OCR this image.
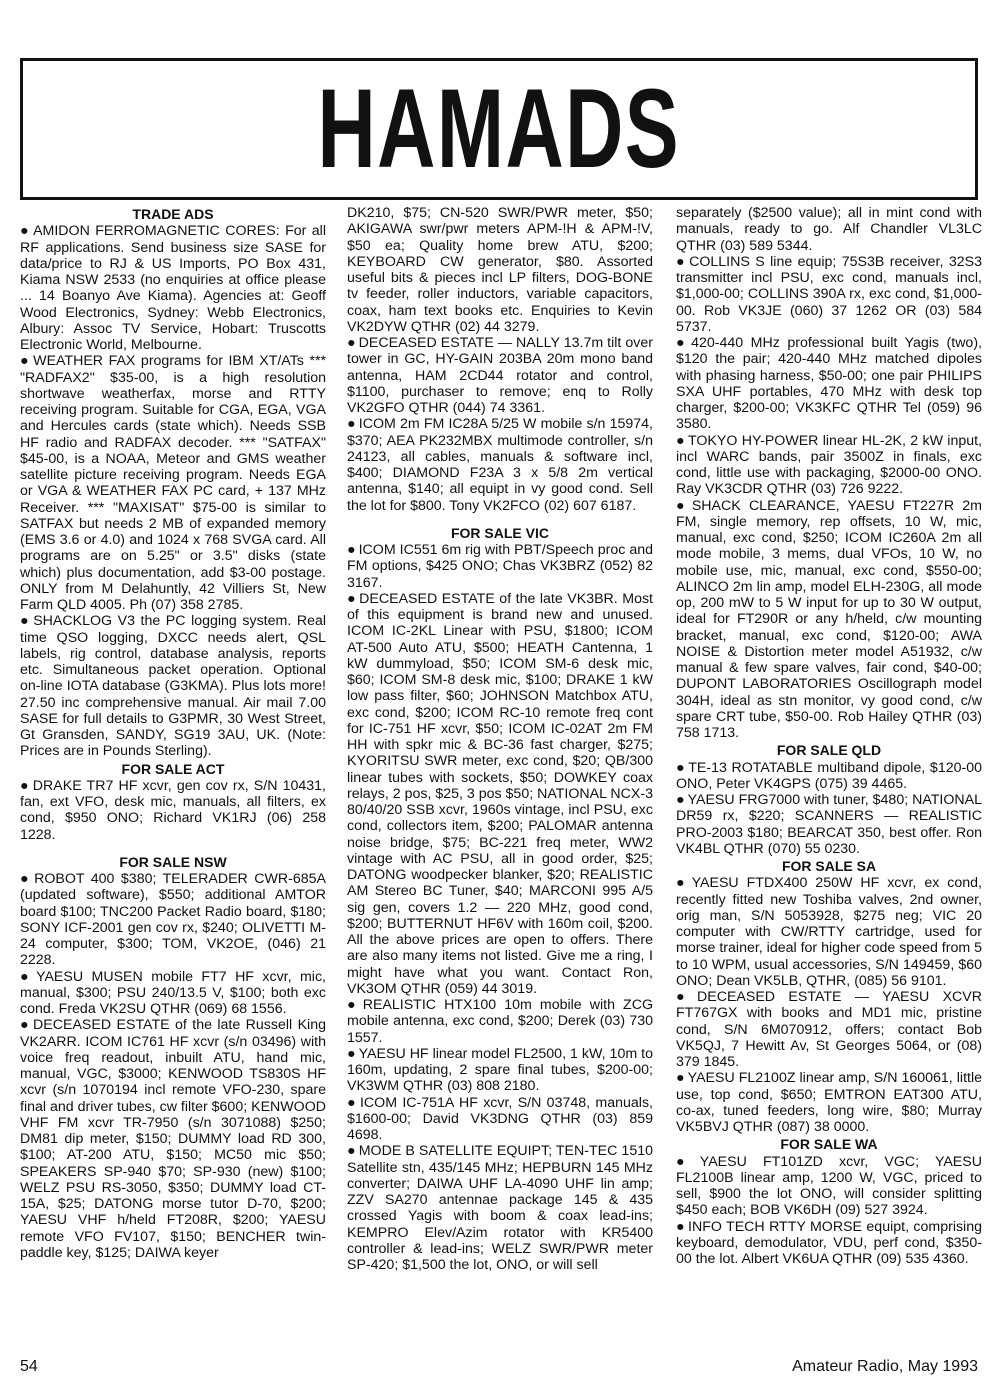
HAMADS
TRADE ADS

● AMIDON FERROMAGNETIC CORES: For all RF applications. Send business size SASE for data/price to RJ & US Imports, PO Box 431, Kiama NSW 2533 (no enquiries at office please ... 14 Boanyo Ave Kiama). Agencies at: Geoff Wood Electronics, Sydney: Webb Electronics, Albury: Assoc TV Service, Hobart: Truscotts Electronic World, Melbourne.

● WEATHER FAX programs for IBM XT/ATs *** "RADFAX2" $35-00, is a high resolution shortwave weatherfax, morse and RTTY receiving program. Suitable for CGA, EGA, VGA and Hercules cards (state which). Needs SSB HF radio and RADFAX decoder. *** "SATFAX" $45-00, is a NOAA, Meteor and GMS weather satellite picture receiving program. Needs EGA or VGA & WEATHER FAX PC card, + 137 MHz Receiver. *** "MAXISAT" $75-00 is similar to SATFAX but needs 2 MB of expanded memory (EMS 3.6 or 4.0) and 1024 x 768 SVGA card. All programs are on 5.25" or 3.5" disks (state which) plus documentation, add $3-00 postage. ONLY from M Delahuntly, 42 Villiers St, New Farm QLD 4005. Ph (07) 358 2785.

● SHACKLOG V3 the PC logging system. Real time QSO logging, DXCC needs alert, QSL labels, rig control, database analysis, reports etc. Simultaneous packet operation. Optional on-line IOTA database (G3KMA). Plus lots more! 27.50 inc comprehensive manual. Air mail 7.00 SASE for full details to G3PMR, 30 West Street, Gt Gransden, SANDY, SG19 3AU, UK. (Note: Prices are in Pounds Sterling).

FOR SALE ACT

● DRAKE TR7 HF xcvr, gen cov rx, S/N 10431, fan, ext VFO, desk mic, manuals, all filters, ex cond, $950 ONO; Richard VK1RJ (06) 258 1228.

FOR SALE NSW

● ROBOT 400 $380; TELERADER CWR-685A (updated software), $550; additional AMTOR board $100; TNC200 Packet Radio board, $180; SONY ICF-2001 gen cov rx, $240; OLIVETTI M-24 computer, $300; TOM, VK2OE, (046) 21 2228.

● YAESU MUSEN mobile FT7 HF xcvr, mic, manual, $300; PSU 240/13.5 V, $100; both exc cond. Freda VK2SU QTHR (069) 68 1556.

● DECEASED ESTATE of the late Russell King VK2ARR. ICOM IC761 HF xcvr (s/n 03496) with voice freq readout, inbuilt ATU, hand mic, manual, VGC, $3000; KENWOOD TS830S HF xcvr (s/n 1070194 incl remote VFO-230, spare final and driver tubes, cw filter $600; KENWOOD VHF FM xcvr TR-7950 (s/n 3071088) $250; DM81 dip meter, $150; DUMMY load RD 300, $100; AT-200 ATU, $150; MC50 mic $50; SPEAKERS SP-940 $70; SP-930 (new) $100; WELZ PSU RS-3050, $350; DUMMY load CT-15A, $25; DATONG morse tutor D-70, $200; YAESU VHF h/held FT208R, $200; YAESU remote VFO FV107, $150; BENCHER twin-paddle key, $125; DAIWA keyer

DK210, $75; CN-520 SWR/PWR meter, $50; AKIGAWA swr/pwr meters APM-!H & APM-!V, $50 ea; Quality home brew ATU, $200; KEYBOARD CW generator, $80. Assorted useful bits & pieces incl LP filters, DOG-BONE tv feeder, roller inductors, variable capacitors, coax, ham text books etc. Enquiries to Kevin VK2DYW QTHR (02) 44 3279.

● DECEASED ESTATE — NALLY 13.7m tilt over tower in GC, HY-GAIN 203BA 20m mono band antenna, HAM 2CD44 rotator and control, $1100, purchaser to remove; enq to Rolly VK2GFO QTHR (044) 74 3361.

● ICOM 2m FM IC28A 5/25 W mobile s/n 15974, $370; AEA PK232MBX multimode controller, s/n 24123, all cables, manuals & software incl, $400; DIAMOND F23A 3 x 5/8 2m vertical antenna, $140; all equipt in vy good cond. Sell the lot for $800. Tony VK2FCO (02) 607 6187.

FOR SALE VIC

● ICOM IC551 6m rig with PBT/Speech proc and FM options, $425 ONO; Chas VK3BRZ (052) 82 3167.

● DECEASED ESTATE of the late VK3BR. Most of this equipment is brand new and unused. ICOM IC-2KL Linear with PSU, $1800; ICOM AT-500 Auto ATU, $500; HEATH Cantenna, 1 kW dummyload, $50; ICOM SM-6 desk mic, $60; ICOM SM-8 desk mic, $100; DRAKE 1 kW low pass filter, $60; JOHNSON Matchbox ATU, exc cond, $200; ICOM RC-10 remote freq cont for IC-751 HF xcvr, $50; ICOM IC-02AT 2m FM HH with spkr mic & BC-36 fast charger, $275; KYORITSU SWR meter, exc cond, $20; QB/300 linear tubes with sockets, $50; DOWKEY coax relays, 2 pos, $25, 3 pos $50; NATIONAL NCX-3 80/40/20 SSB xcvr, 1960s vintage, incl PSU, exc cond, collectors item, $200; PALOMAR antenna noise bridge, $75; BC-221 freq meter, WW2 vintage with AC PSU, all in good order, $25; DATONG woodpecker blanker, $20; REALISTIC AM Stereo BC Tuner, $40; MARCONI 995 A/5 sig gen, covers 1.2 — 220 MHz, good cond, $200; BUTTERNUT HF6V with 160m coil, $200. All the above prices are open to offers. There are also many items not listed. Give me a ring, I might have what you want. Contact Ron, VK3OM QTHR (059) 44 3019.

● REALISTIC HTX100 10m mobile with ZCG mobile antenna, exc cond, $200; Derek (03) 730 1557.

● YAESU HF linear model FL2500, 1 kW, 10m to 160m, updating, 2 spare final tubes, $200-00; VK3WM QTHR (03) 808 2180.

● ICOM IC-751A HF xcvr, S/N 03748, manuals, $1600-00; David VK3DNG QTHR (03) 859 4698.

● MODE B SATELLITE EQUIPT; TEN-TEC 1510 Satellite stn, 435/145 MHz; HEPBURN 145 MHz converter; DAIWA UHF LA-4090 UHF lin amp; ZZV SA270 antennae package 145 & 435 crossed Yagis with boom & coax lead-ins; KEMPRO Elev/Azim rotator with KR5400 controller & lead-ins; WELZ SWR/PWR meter SP-420; $1,500 the lot, ONO, or will sell

separately ($2500 value); all in mint cond with manuals, ready to go. Alf Chandler VL3LC QTHR (03) 589 5344.

● COLLINS S line equip; 75S3B receiver, 32S3 transmitter incl PSU, exc cond, manuals incl, $1,000-00; COLLINS 390A rx, exc cond, $1,000-00. Rob VK3JE (060) 37 1262 OR (03) 584 5737.

● 420-440 MHz professional built Yagis (two), $120 the pair; 420-440 MHz matched dipoles with phasing harness, $50-00; one pair PHILIPS SXA UHF portables, 470 MHz with desk top charger, $200-00; VK3KFC QTHR Tel (059) 96 3580.

● TOKYO HY-POWER linear HL-2K, 2 kW input, incl WARC bands, pair 3500Z in finals, exc cond, little use with packaging, $2000-00 ONO. Ray VK3CDR QTHR (03) 726 9222.

● SHACK CLEARANCE, YAESU FT227R 2m FM, single memory, rep offsets, 10 W, mic, manual, exc cond, $250; ICOM IC260A 2m all mode mobile, 3 mems, dual VFOs, 10 W, no mobile use, mic, manual, exc cond, $550-00; ALINCO 2m lin amp, model ELH-230G, all mode op, 200 mW to 5 W input for up to 30 W output, ideal for FT290R or any h/held, c/w mounting bracket, manual, exc cond, $120-00; AWA NOISE & Distortion meter model A51932, c/w manual & few spare valves, fair cond, $40-00; DUPONT LABORATORIES Oscillograph model 304H, ideal as stn monitor, vy good cond, c/w spare CRT tube, $50-00. Rob Hailey QTHR (03) 758 1713.

FOR SALE QLD

● TE-13 ROTATABLE multiband dipole, $120-00 ONO, Peter VK4GPS (075) 39 4465.

● YAESU FRG7000 with tuner, $480; NATIONAL DR59 rx, $220; SCANNERS — REALISTIC PRO-2003 $180; BEARCAT 350, best offer. Ron VK4BL QTHR (070) 55 0230.

FOR SALE SA

● YAESU FTDX400 250W HF xcvr, ex cond, recently fitted new Toshiba valves, 2nd owner, orig man, S/N 5053928, $275 neg; VIC 20 computer with CW/RTTY cartridge, used for morse trainer, ideal for higher code speed from 5 to 10 WPM, usual accessories, S/N 149459, $60 ONO; Dean VK5LB, QTHR, (085) 56 9101.

● DECEASED ESTATE — YAESU XCVR FT767GX with books and MD1 mic, pristine cond, S/N 6M070912, offers; contact Bob VK5QJ, 7 Hewitt Av, St Georges 5064, or (08) 379 1845.

● YAESU FL2100Z linear amp, S/N 160061, little use, top cond, $650; EMTRON EAT300 ATU, co-ax, tuned feeders, long wire, $80; Murray VK5BVJ QTHR (087) 38 0000.

FOR SALE WA

● YAESU FT101ZD xcvr, VGC; YAESU FL2100B linear amp, 1200 W, VGC, priced to sell, $900 the lot ONO, will consider splitting $450 each; BOB VK6DH (09) 527 3924.

● INFO TECH RTTY MORSE equipt, comprising keyboard, demodulator, VDU, perf cond, $350-00 the lot. Albert VK6UA QTHR (09) 535 4360.

54	Amateur Radio, May 1993
